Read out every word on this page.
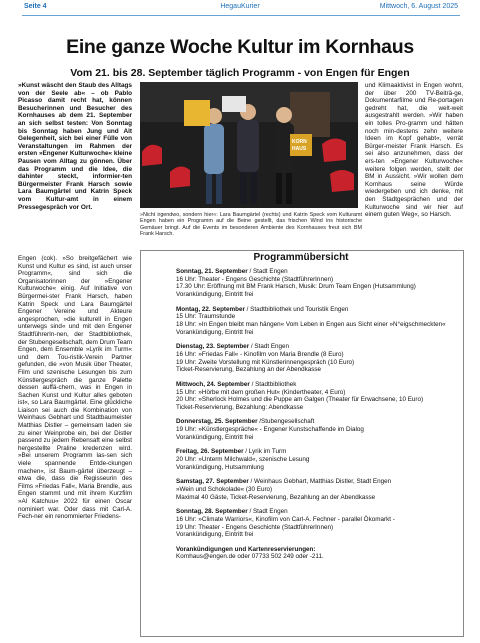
Seite 4	HegauKurier	Mittwoch, 6. August 2025
Eine ganze Woche Kultur im Kornhaus
Vom 21. bis 28. September täglich Programm - von Engen für Engen
»Kunst wäscht den Staub des Alltags von der Seele ab« – ob Pablo Picasso damit recht hat, können Besucherinnen und Besucher des Kornhauses ab dem 21. September an sich selbst testen: Von Sonntag bis Sonntag haben Jung und Alt Gelegenheit, sich bei einer Fülle von Veranstaltungen im Rahmen der ersten »Engener Kulturwoche« kleine Pausen vom Alltag zu gönnen. Über das Programm und die Idee, die dahinter steckt, informier-ten Bürgermeister Frank Harsch sowie Lara Baumgärtel und Katrin Speck vom Kultur-amt in einem Pressegespräch vor Ort.
Engen (cok). »So breitgefächert wie Kunst und Kultur es sind, ist auch unser Programm«, sind sich die Organisatorinnen der »Engener Kulturwoche« einig. Auf Initiative von Bürgermei-ster Frank Harsch, haben Katrin Speck und Lara Baumgärtel Engener Vereine und Akteure angesprochen, »die kulturell in Engen unterwegs sind« und mit den Engener StadtführerIn-nen, der Stadtbibliothek, der Stubengesellschaft, dem Drum Team Engen, dem Ensemble »Lyrik im Turm« und dem Tou-ristik-Verein Partner gefunden, die »von Musik über Theater, Film und szenische Lesungen bis zum Künstlergespräch die ganze Palette dessen auffä-chern, was in Engen in Sachen Kunst und Kultur alles geboten ist«, so Lara Baumgärtel. Eine glückliche Liaison sei auch die Kombination von Weinhaus Gebhart und Stadtbaumeister Matthias Distler – gemeinsam laden sie zu einer Weinprobe ein, bei der Distler passend zu jedem Rebensaft eine selbst hergestellte Praline kredenzen wird. »Bei unserem Programm las-sen sich viele spannende Entde-ckungen machen«, ist Baum-gärtel überzeugt – etwa die, dass die Regisseurin des Films »Friedas Fall«, Maria Brendle, aus Engen stammt und mit ihrem Kurzfilm »Al Katchuu« 2022 für einen Oscar nominiert war. Oder dass mit Carl-A. Fech-ner ein renommierter Friedens-
KORN
HAUS
»Nicht irgendwo, sondern hier«: Lara Baumgärtel (rechts) und Katrin Speck vom Kulturamt Engen haben ein Programm auf die Beine gestellt, das frischen Wind ins historische Gemäuer bringt. Auf die Events im besonderen Ambiente des Kornhauses freut sich BM Frank Harsch.
und Klimaaktivist in Engen wohnt, der über 200 TV-Beiträ-ge, Dokumentarfilme und Re-portagen gedreht hat, die welt-weit ausgestrahlt werden. »Wir haben ein tolles Pro-gramm und hätten noch min-destens zehn weitere Ideen im Kopf gehabt«, verrät Bürger-meister Frank Harsch. Es sei also anzunehmen, dass der ers-ten »Engener Kulturwoche« weitere folgen werden, stellt der BM in Aussicht. »Wir wollen dem Kornhaus seine Würde wiedergeben und ich denke, mit den Stadtgesprächen und der Kulturwoche sind wir hier auf einem guten Weg«, so Harsch.
Programmübersicht

Sonntag, 21. September / Stadt Engen

16 Uhr: Theater - Engens Geschichte (StadtführerInnen)

17.30 Uhr: Eröffnung mit BM Frank Harsch, Musik: Drum Team Engen (Hutsammlung)

Vorankündigung, Eintritt frei

Montag, 22. September / Stadtbibliothek und Touristik Engen

15 Uhr: Traumstunde

18 Uhr: »In Engen bleibt man hängen« Vom Leben in Engen aus Sicht einer »N°eigschmeckten«

Vorankündigung, Eintritt frei

Dienstag, 23. September / Stadt Engen

16 Uhr: »Friedas Fall« - Kinofilm von Maria Brendle (8 Euro)

19 Uhr: Zweite Vorstellung mit Künstlerinnengespräch (10 Euro)

Ticket-Reservierung, Bezahlung an der Abendkasse

Mittwoch, 24. September / Stadtbibliothek

15 Uhr: »Hörbe mit dem großen Hut« (Kindertheater, 4 Euro)

20 Uhr: »Sherlock Holmes und die Puppe am Galgen (Theater für Erwachsene, 10 Euro)

Ticket-Reservierung, Bezahlung: Abendkasse

Donnerstag, 25. September /Stubengesellschaft

19 Uhr: »Künstlergespräche« - Engener Kunstschaffende im Dialog

Vorankündigung, Eintritt frei

Freitag, 26. September / Lyrik im Turm

20 Uhr: »Unterm Milchwald«, szenische Lesung

Vorankündigung, Hutsammlung

Samstag, 27. September / Weinhaus Gebhart, Matthias Distler, Stadt Engen

»Wein und Schokolade« (30 Euro)

Maximal 40 Gäste, Ticket-Reservierung, Bezahlung an der Abendkasse

Sonntag, 28. September / Stadt Engen

16 Uhr: »Climate Warriors«, Kinofilm von Carl-A. Fechner - parallel Ökomarkt -

19 Uhr: Theater - Engens Geschichte (StadtführerInnen)

Vorankündigung, Eintritt frei

Vorankündigungen und Kartenreservierungen:

Kornhaus@engen.de oder 07733 502 249 oder -211.
